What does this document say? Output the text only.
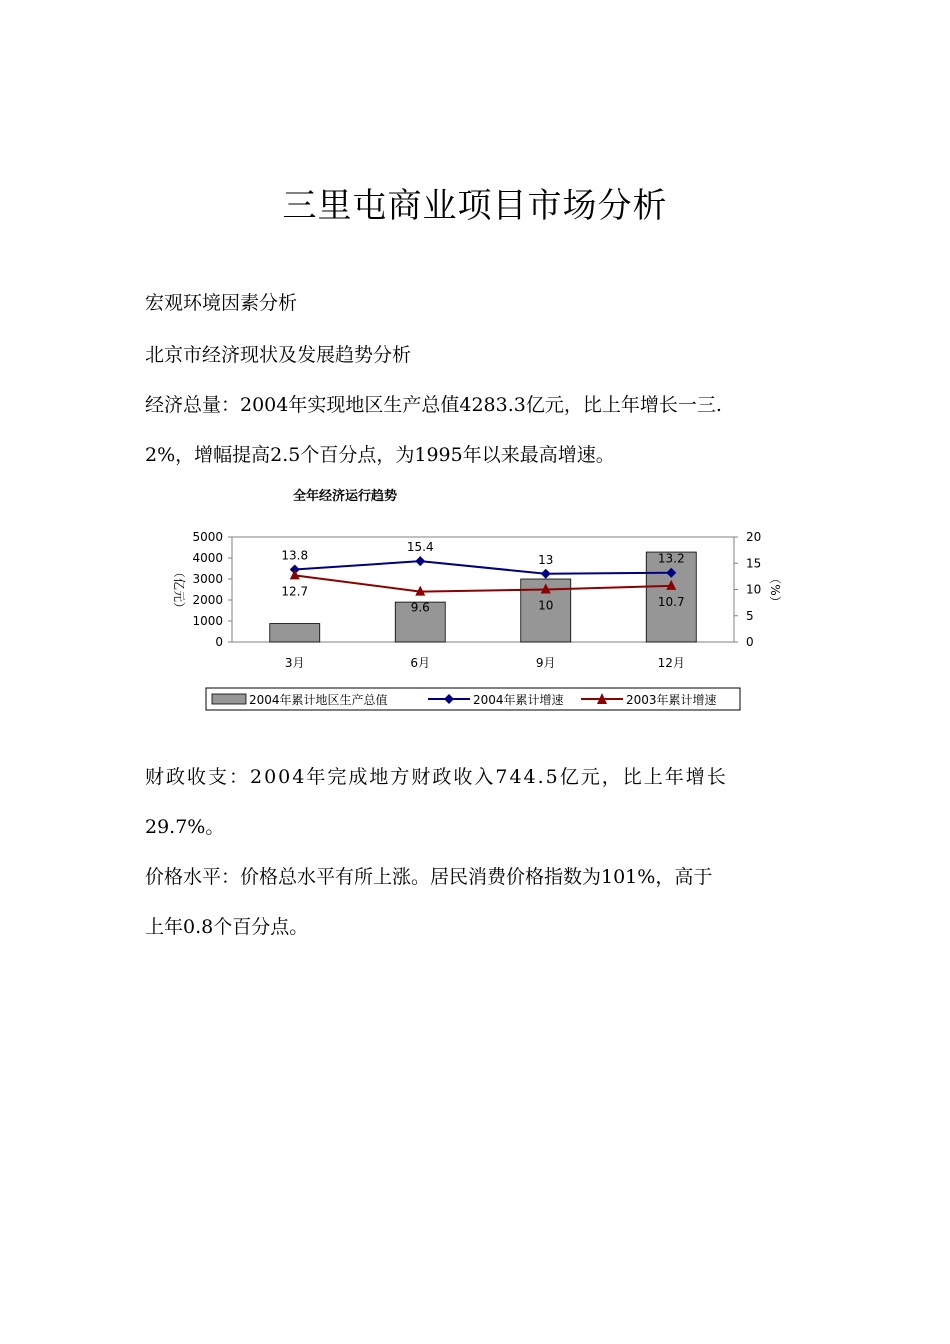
三里屯商业项目市场分析
宏观环境因素分析
北京市经济现状及发展趋势分析
经济总量：2004年实现地区生产总值4283.3亿元，比上年增长一三.
2%，增幅提高2.5个百分点，为1995年以来最高增速。
全年经济运行趋势
（亿元）	（%）
13.8
15.4
13	13.2
12.7
9.6	10	10.7
0
1000
2000
3000
4000
5000
0
5
10
15
20
3月	6月	9月	12月
2004年累计地区生产总值	2004年累计增速	2003年累计增速
财政收支：2004年完成地方财政收入744.5亿元，比上年增长
29.7%。
价格水平：价格总水平有所上涨。居民消费价格指数为101%，高于
上年0.8个百分点。
